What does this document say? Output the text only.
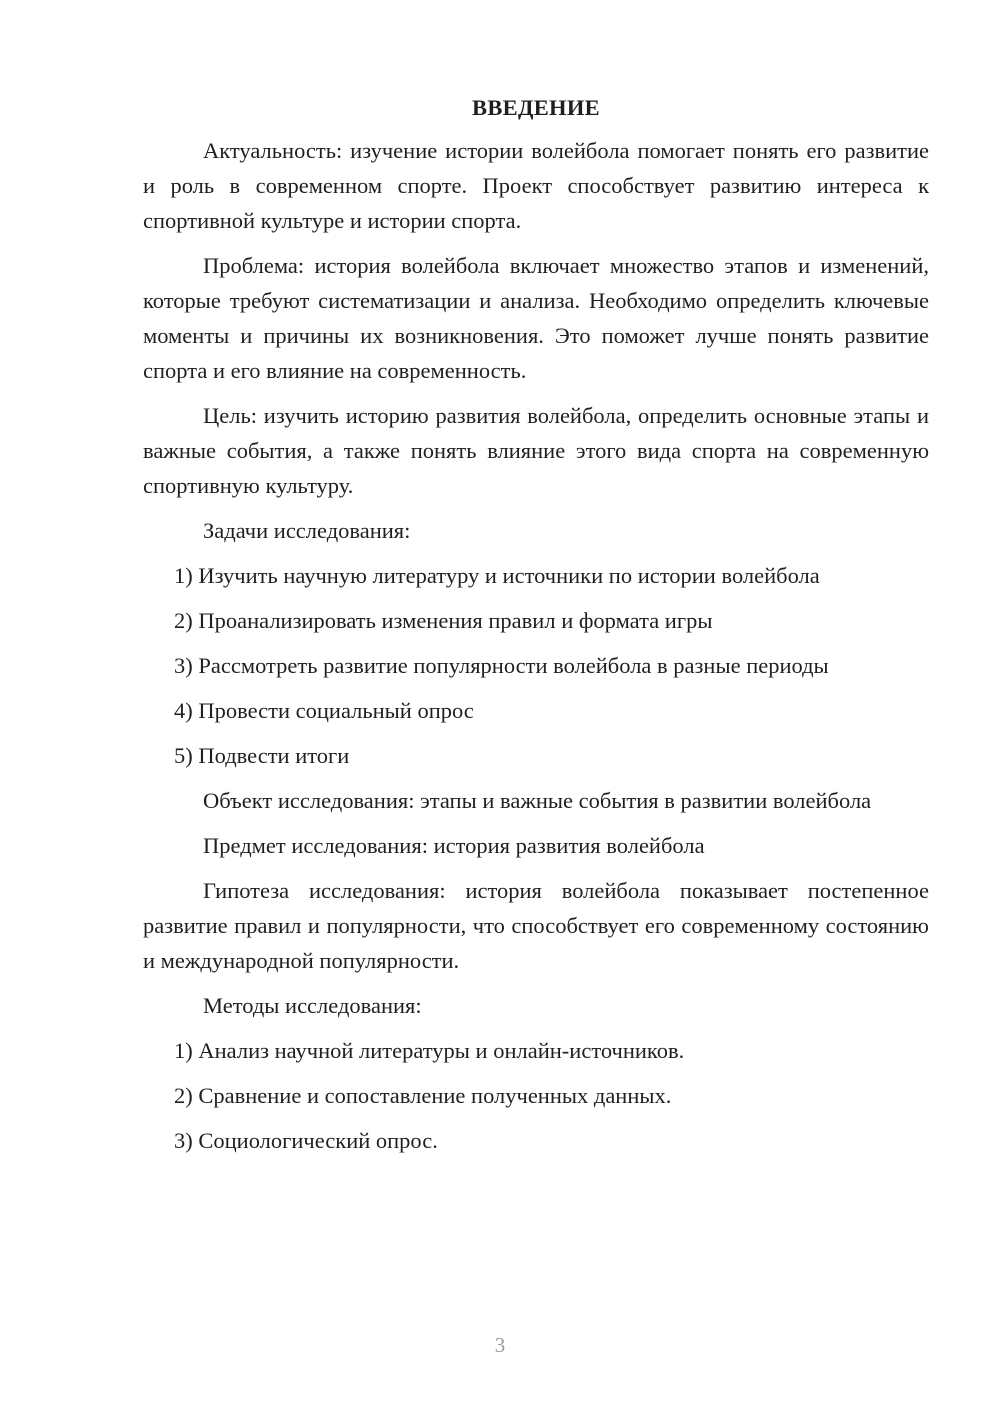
ВВЕДЕНИЕ

Актуальность: изучение истории волейбола помогает понять его развитие и роль в современном спорте. Проект способствует развитию интереса к спортивной культуре и истории спорта.

Проблема: история волейбола включает множество этапов и изменений, которые требуют систематизации и анализа. Необходимо определить ключевые моменты и причины их возникновения. Это поможет лучше понять развитие спорта и его влияние на современность.

Цель: изучить историю развития волейбола, определить основные этапы и важные события, а также понять влияние этого вида спорта на современную спортивную культуру.

Задачи исследования:

1) Изучить научную литературу и источники по истории волейбола

2) Проанализировать изменения правил и формата игры

3) Рассмотреть развитие популярности волейбола в разные периоды

4) Провести социальный опрос

5) Подвести итоги

Объект исследования: этапы и важные события в развитии волейбола

Предмет исследования: история развития волейбола

Гипотеза исследования: история волейбола показывает постепенное развитие правил и популярности, что способствует его современному состоянию и международной популярности.

Методы исследования:

1) Анализ научной литературы и онлайн-источников.

2) Сравнение и сопоставление полученных данных.

3) Социологический опрос.

3
